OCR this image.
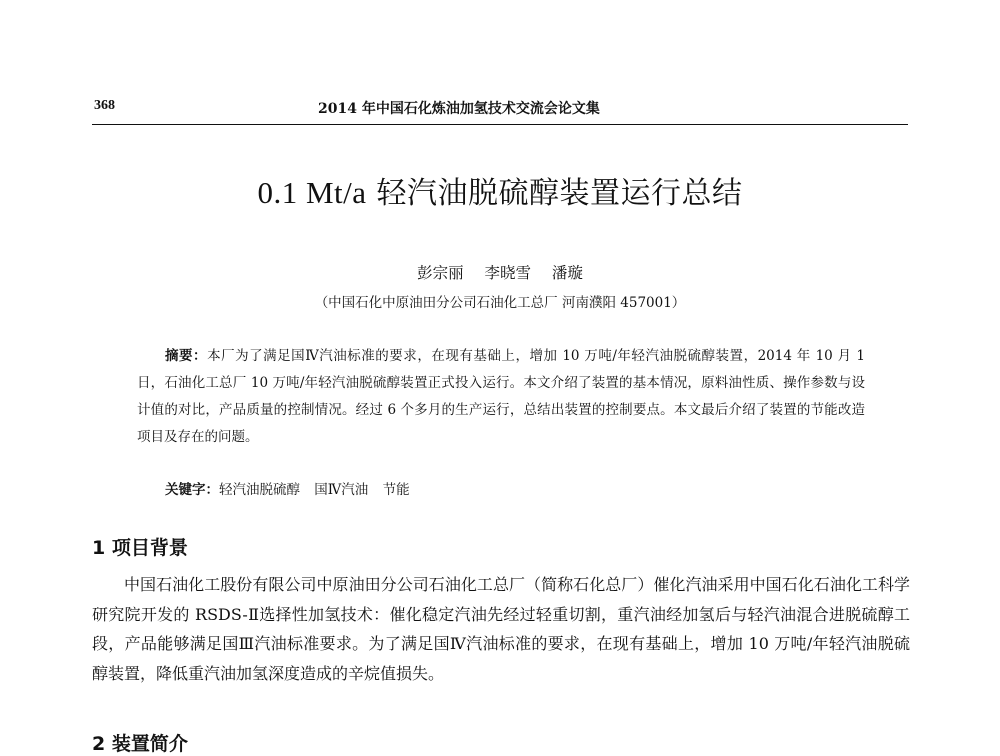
368	2014 年中国石化炼油加氢技术交流会论文集
0.1 Mt/a 轻汽油脱硫醇装置运行总结
彭宗丽 李晓雪 潘璇
（中国石化中原油田分公司石油化工总厂 河南濮阳 457001）
摘要：本厂为了满足国Ⅳ汽油标准的要求，在现有基础上，增加 10 万吨/年轻汽油脱硫醇装置，2014 年 10 月 1 日，石油化工总厂 10 万吨/年轻汽油脱硫醇装置正式投入运行。本文介绍了装置的基本情况，原料油性质、操作参数与设计值的对比，产品质量的控制情况。经过 6 个多月的生产运行，总结出装置的控制要点。本文最后介绍了装置的节能改造项目及存在的问题。
关键字：轻汽油脱硫醇 国Ⅳ汽油 节能
1 项目背景
中国石油化工股份有限公司中原油田分公司石油化工总厂（简称石化总厂）催化汽油采用中国石化石油化工科学研究院开发的 RSDS-Ⅱ选择性加氢技术：催化稳定汽油先经过轻重切割，重汽油经加氢后与轻汽油混合进脱硫醇工段，产品能够满足国Ⅲ汽油标准要求。为了满足国Ⅳ汽油标准的要求，在现有基础上，增加 10 万吨/年轻汽油脱硫醇装置，降低重汽油加氢深度造成的辛烷值损失。
2 装置简介
